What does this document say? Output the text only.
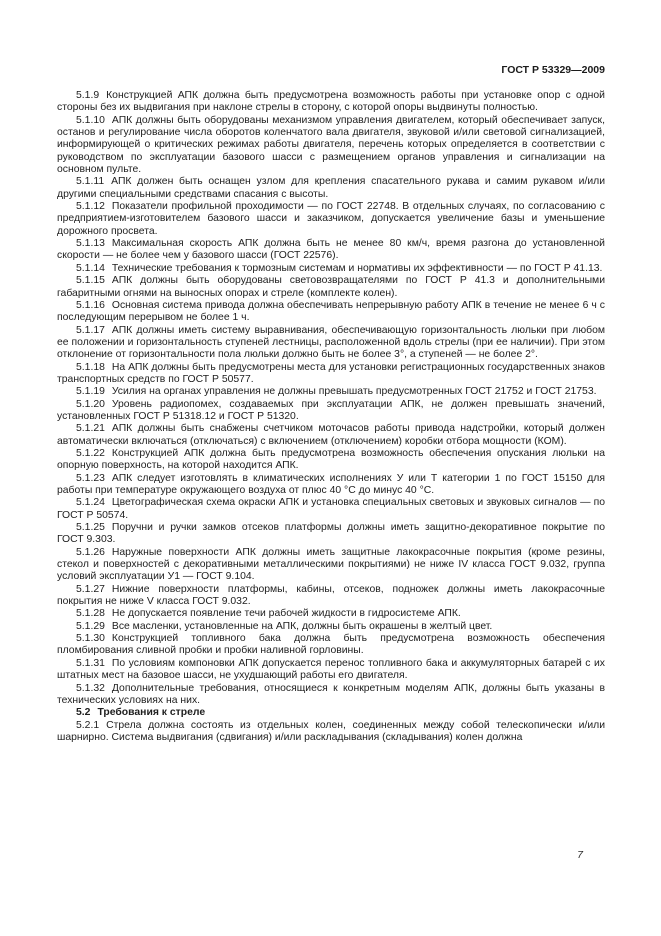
ГОСТ Р 53329—2009

5.1.9 Конструкцией АПК должна быть предусмотрена возможность работы при установке опор с одной стороны без их выдвигания при наклоне стрелы в сторону, с которой опоры выдвинуты полностью.

5.1.10 АПК должны быть оборудованы механизмом управления двигателем, который обеспечивает запуск, останов и регулирование числа оборотов коленчатого вала двигателя, звуковой и/или световой сигнализацией, информирующей о критических режимах работы двигателя, перечень которых определяется в соответствии с руководством по эксплуатации базового шасси с размещением органов управления и сигнализации на основном пульте.

5.1.11 АПК должен быть оснащен узлом для крепления спасательного рукава и самим рукавом и/или другими специальными средствами спасания с высоты.

5.1.12 Показатели профильной проходимости — по ГОСТ 22748. В отдельных случаях, по согласованию с предприятием-изготовителем базового шасси и заказчиком, допускается увеличение базы и уменьшение дорожного просвета.

5.1.13 Максимальная скорость АПК должна быть не менее 80 км/ч, время разгона до установленной скорости — не более чем у базового шасси (ГОСТ 22576).

5.1.14 Технические требования к тормозным системам и нормативы их эффективности — по ГОСТ Р 41.13.

5.1.15 АПК должны быть оборудованы световозвращателями по ГОСТ Р 41.3 и дополнительными габаритными огнями на выносных опорах и стреле (комплекте колен).

5.1.16 Основная система привода должна обеспечивать непрерывную работу АПК в течение не менее 6 ч с последующим перерывом не более 1 ч.

5.1.17 АПК должны иметь систему выравнивания, обеспечивающую горизонтальность люльки при любом ее положении и горизонтальность ступеней лестницы, расположенной вдоль стрелы (при ее наличии). При этом отклонение от горизонтальности пола люльки должно быть не более 3°, а ступеней — не более 2°.

5.1.18 На АПК должны быть предусмотрены места для установки регистрационных государственных знаков транспортных средств по ГОСТ Р 50577.

5.1.19 Усилия на органах управления не должны превышать предусмотренных ГОСТ 21752 и ГОСТ 21753.

5.1.20 Уровень радиопомех, создаваемых при эксплуатации АПК, не должен превышать значений, установленных ГОСТ Р 51318.12 и ГОСТ Р 51320.

5.1.21 АПК должны быть снабжены счетчиком моточасов работы привода надстройки, который должен автоматически включаться (отключаться) с включением (отключением) коробки отбора мощности (КОМ).

5.1.22 Конструкцией АПК должна быть предусмотрена возможность обеспечения опускания люльки на опорную поверхность, на которой находится АПК.

5.1.23 АПК следует изготовлять в климатических исполнениях У или Т категории 1 по ГОСТ 15150 для работы при температуре окружающего воздуха от плюс 40 °С до минус 40 °С.

5.1.24 Цветографическая схема окраски АПК и установка специальных световых и звуковых сигналов — по ГОСТ Р 50574.

5.1.25 Поручни и ручки замков отсеков платформы должны иметь защитно-декоративное покрытие по ГОСТ 9.303.

5.1.26 Наружные поверхности АПК должны иметь защитные лакокрасочные покрытия (кроме резины, стекол и поверхностей с декоративными металлическими покрытиями) не ниже IV класса ГОСТ 9.032, группа условий эксплуатации У1 — ГОСТ 9.104.

5.1.27 Нижние поверхности платформы, кабины, отсеков, подножек должны иметь лакокрасочные покрытия не ниже V класса ГОСТ 9.032.

5.1.28 Не допускается появление течи рабочей жидкости в гидросистеме АПК.

5.1.29 Все масленки, установленные на АПК, должны быть окрашены в желтый цвет.

5.1.30 Конструкцией топливного бака должна быть предусмотрена возможность обеспечения пломбирования сливной пробки и пробки наливной горловины.

5.1.31 По условиям компоновки АПК допускается перенос топливного бака и аккумуляторных батарей с их штатных мест на базовое шасси, не ухудшающий работы его двигателя.

5.1.32 Дополнительные требования, относящиеся к конкретным моделям АПК, должны быть указаны в технических условиях на них.

5.2 Требования к стреле

5.2.1 Стрела должна состоять из отдельных колен, соединенных между собой телескопически и/или шарнирно. Система выдвигания (сдвигания) и/или раскладывания (складывания) колен должна

7
